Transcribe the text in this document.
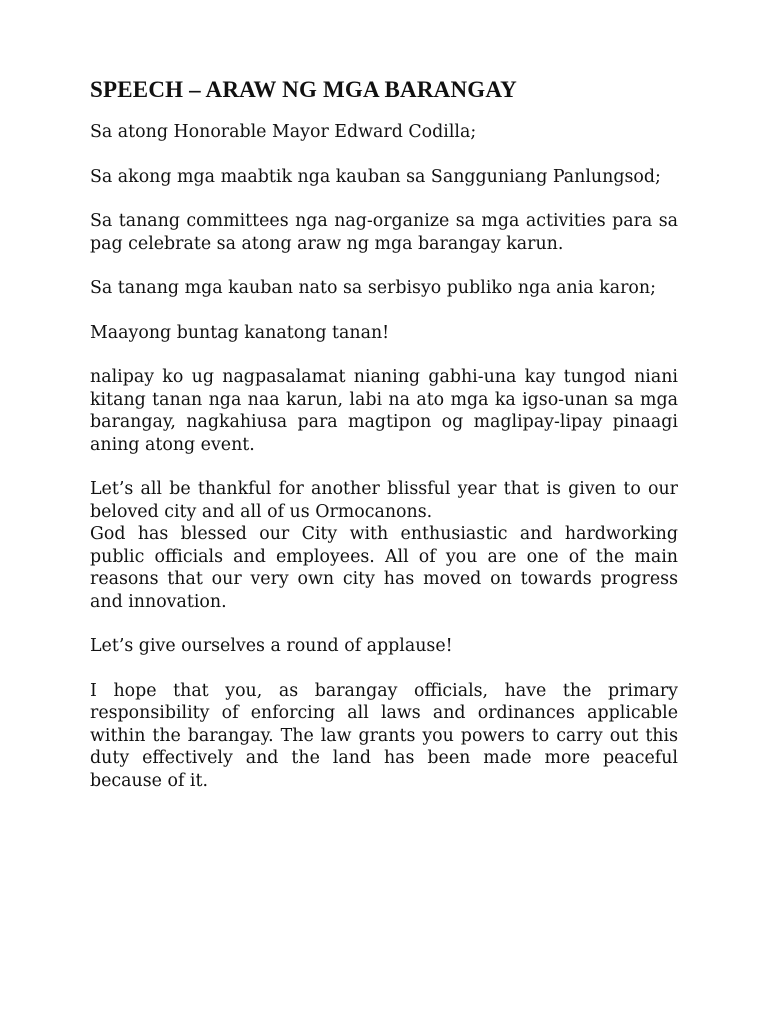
SPEECH – ARAW NG MGA BARANGAY

Sa atong Honorable Mayor Edward Codilla;

Sa akong mga maabtik nga kauban sa Sangguniang Panlungsod;

Sa tanang committees nga nag-organize sa mga activities para sa pag celebrate sa atong araw ng mga barangay karun.

Sa tanang mga kauban nato sa serbisyo publiko nga ania karon;

Maayong buntag kanatong tanan!

nalipay ko ug nagpasalamat nianing gabhi-una kay tungod niani kitang tanan nga naa karun, labi na ato mga ka igso-unan sa mga barangay, nagkahiusa para magtipon og maglipay-lipay pinaagi aning atong event.

Let’s all be thankful for another blissful year that is given to our beloved city and all of us Ormocanons.

God has blessed our City with enthusiastic and hardworking public officials and employees. All of you are one of the main reasons that our very own city has moved on towards progress and innovation.

Let’s give ourselves a round of applause!

I hope that you, as barangay officials, have the primary responsibility of enforcing all laws and ordinances applicable within the barangay. The law grants you powers to carry out this duty effectively and the land has been made more peaceful because of it.
